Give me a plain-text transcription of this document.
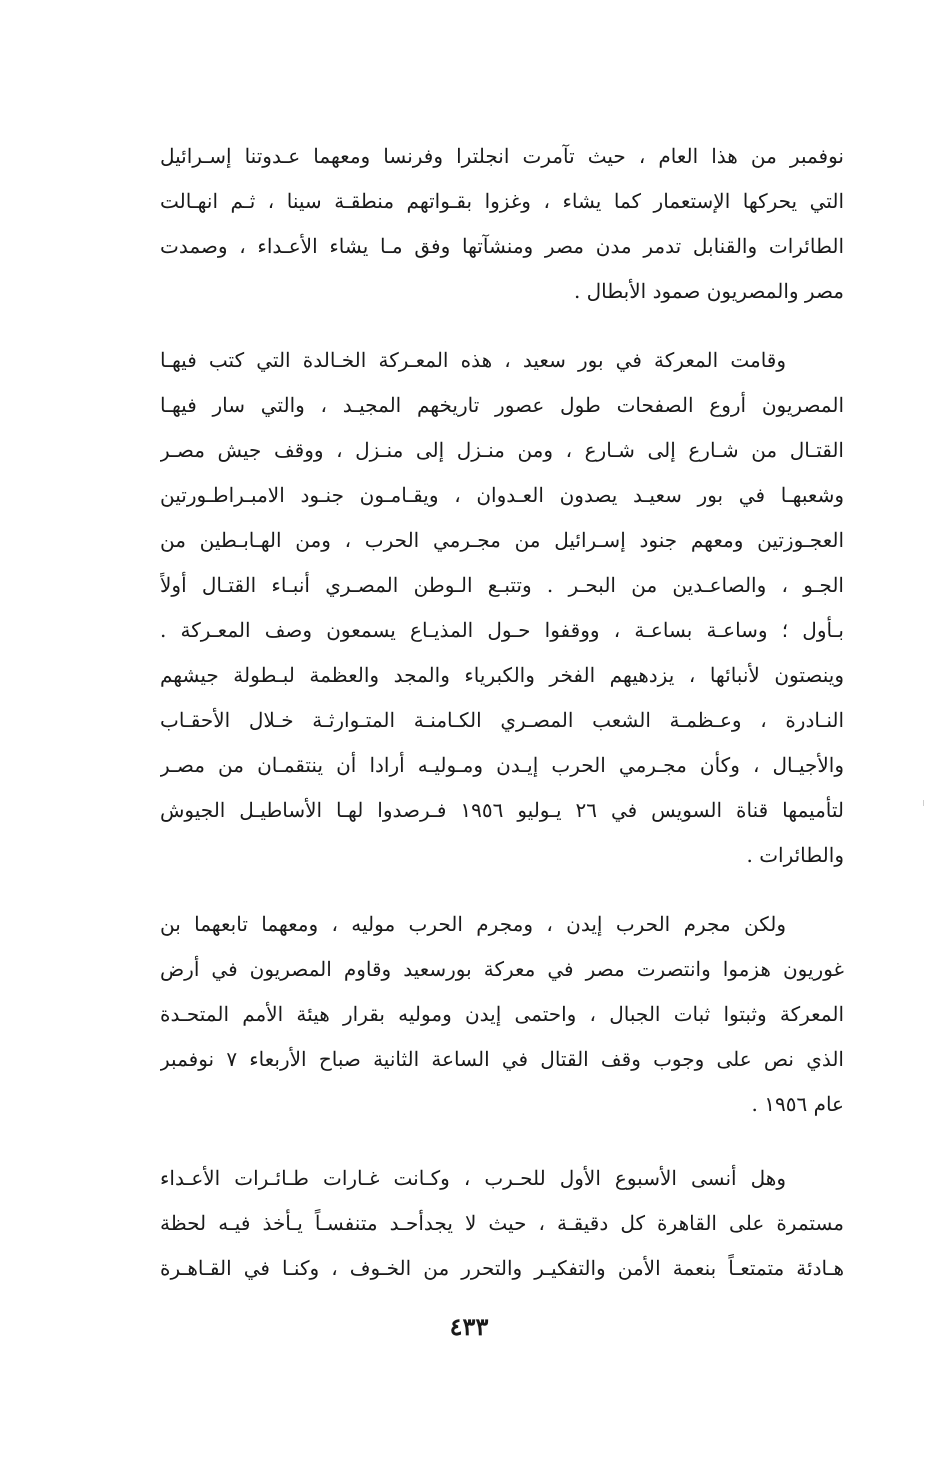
نوفمبر من هذا العام ، حيث تآمرت انجلترا وفرنسا ومعهما عـدوتنا إسـرائيل
التي يحركها الإستعمار كما يشاء ، وغزوا بقـواتهم منطقـة سينا ، ثـم انهـالت
الطائرات والقنابل تدمر مدن مصر ومنشآتها وفق مـا يشاء الأعـداء ، وصمدت
مصر والمصريون صمود الأبطال .
وقامت المعركة في بور سعيد ، هذه المعـركة الخـالدة التي كتب فيهـا
المصريون أروع الصفحات طول عصور تاريخهم المجيـد ، والتي سار فيهـا
القتـال من شـارع إلى شـارع ، ومن منـزل إلى منـزل ، ووقف جيش مصـر
وشعبهـا في بور سعيـد يصدون العـدوان ، ويقـامـون جنـود الامبـراطـورتين
العجـوزتين ومعهم جنود إسـرائيل من مجـرمي الحرب ، ومن الهـابـطين من
الجـو ، والصاعـدين من البحـر . وتتبـع الـوطن المصـري أنبـاء القتـال أولاً
بـأول ؛ وساعـة بساعـة ، ووقفوا حـول المذيـاع يسمعون وصف المعـركة .
وينصتون لأنبائها ، يزدهيهم الفخر والكبرياء والمجد والعظمة لبـطولة جيشهم
النـادرة ، وعـظمـة الشعب المصـري الكـامنـة المتـوارثـة خـلال الأحقـاب
والأجيـال ، وكأن مجـرمي الحرب إيـدن ومـوليـه أرادا أن ينتقمـان من مصـر
لتأميمها قناة السويس في ٢٦ يـوليو ١٩٥٦ فـرصدوا لهـا الأساطيـل الجيوش
والطائرات .
ولكن مجرم الحرب إيدن ، ومجرم الحرب موليه ، ومعهما تابعهما بن
غوريون هزموا وانتصرت مصر في معركة بورسعيد وقاوم المصريون في أرض
المعركة وثبتوا ثبات الجبال ، واحتمى إيدن وموليه بقرار هيئة الأمم المتحـدة
الذي نص على وجوب وقف القتال في الساعة الثانية صباح الأربعاء ٧ نوفمبر
عام ١٩٥٦ .
وهل أنسى الأسبوع الأول للحـرب ، وكـانت غـارات طـائـرات الأعـداء
مستمرة على القاهرة كل دقيقـة ، حيث لا يجدأحـد متنفسـاً يـأخذ فيـه لحظة
هـادئة متمتعـاً بنعمة الأمن والتفكيـر والتحرر من الخـوف ، وكنـا في القـاهـرة
٤٣٣
